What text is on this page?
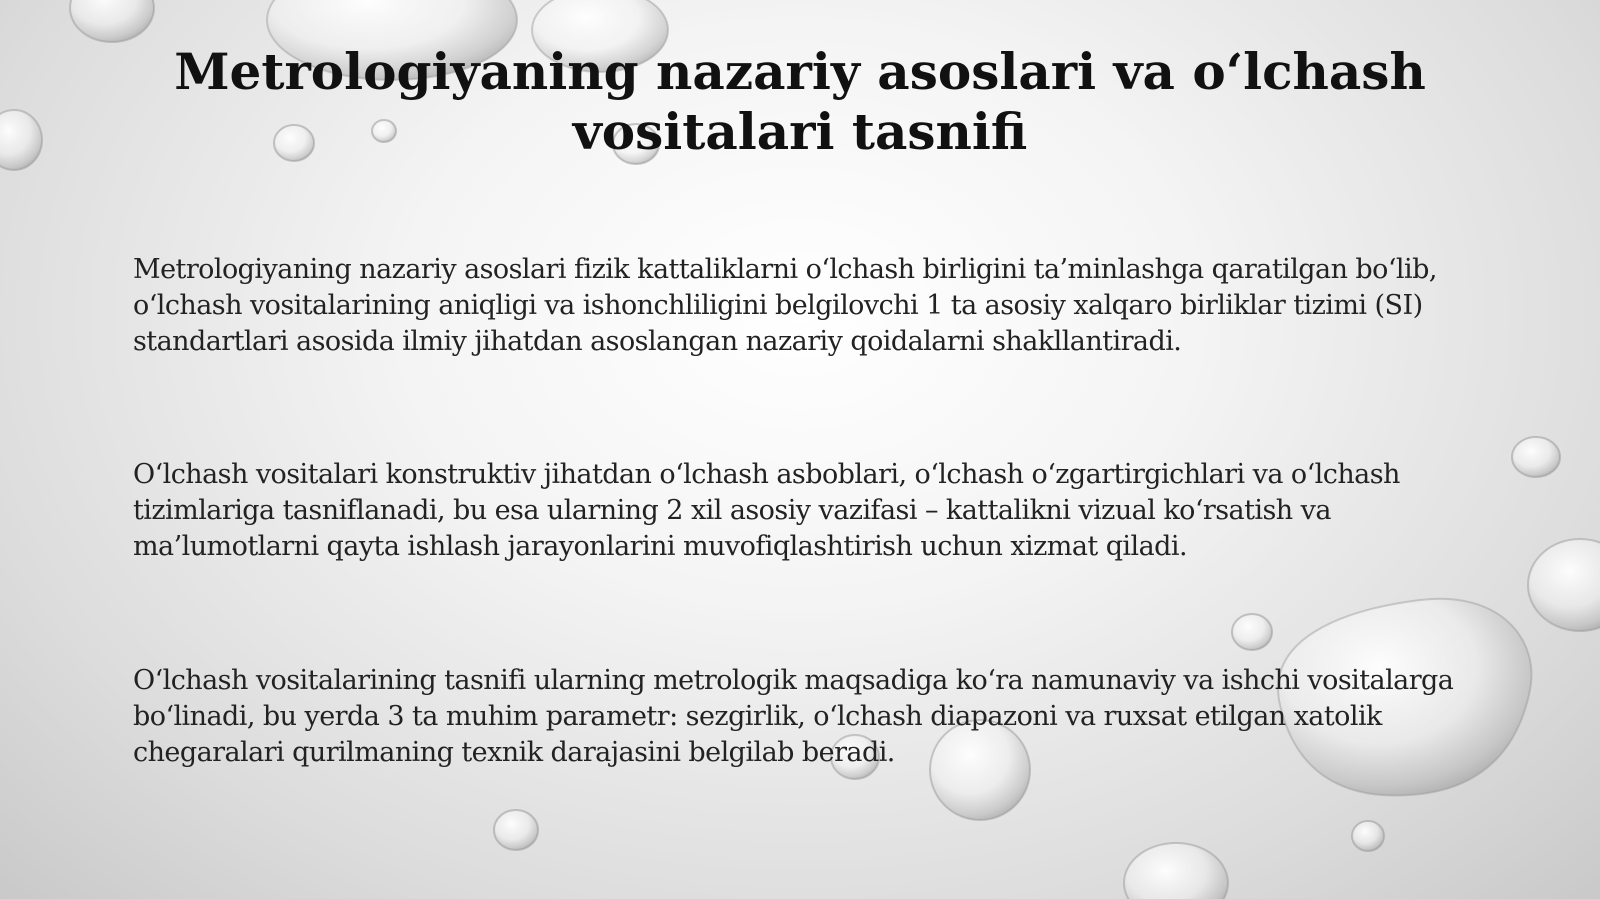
Metrologiyaning nazariy asoslari va oʻlchash vositalari tasnifi

Metrologiyaning nazariy asoslari fizik kattaliklarni oʻlchash birligini ta’minlashga qaratilgan boʻlib, oʻlchash vositalarining aniqligi va ishonchliligini belgilovchi 1 ta asosiy xalqaro birliklar tizimi (SI) standartlari asosida ilmiy jihatdan asoslangan nazariy qoidalarni shakllantiradi.

Oʻlchash vositalari konstruktiv jihatdan oʻlchash asboblari, oʻlchash oʻzgartirgichlari va oʻlchash tizimlariga tasniflanadi, bu esa ularning 2 xil asosiy vazifasi – kattalikni vizual koʻrsatish va ma’lumotlarni qayta ishlash jarayonlarini muvofiqlashtirish uchun xizmat qiladi.

Oʻlchash vositalarining tasnifi ularning metrologik maqsadiga koʻra namunaviy va ishchi vositalarga boʻlinadi, bu yerda 3 ta muhim parametr: sezgirlik, oʻlchash diapazoni va ruxsat etilgan xatolik chegaralari qurilmaning texnik darajasini belgilab beradi.
